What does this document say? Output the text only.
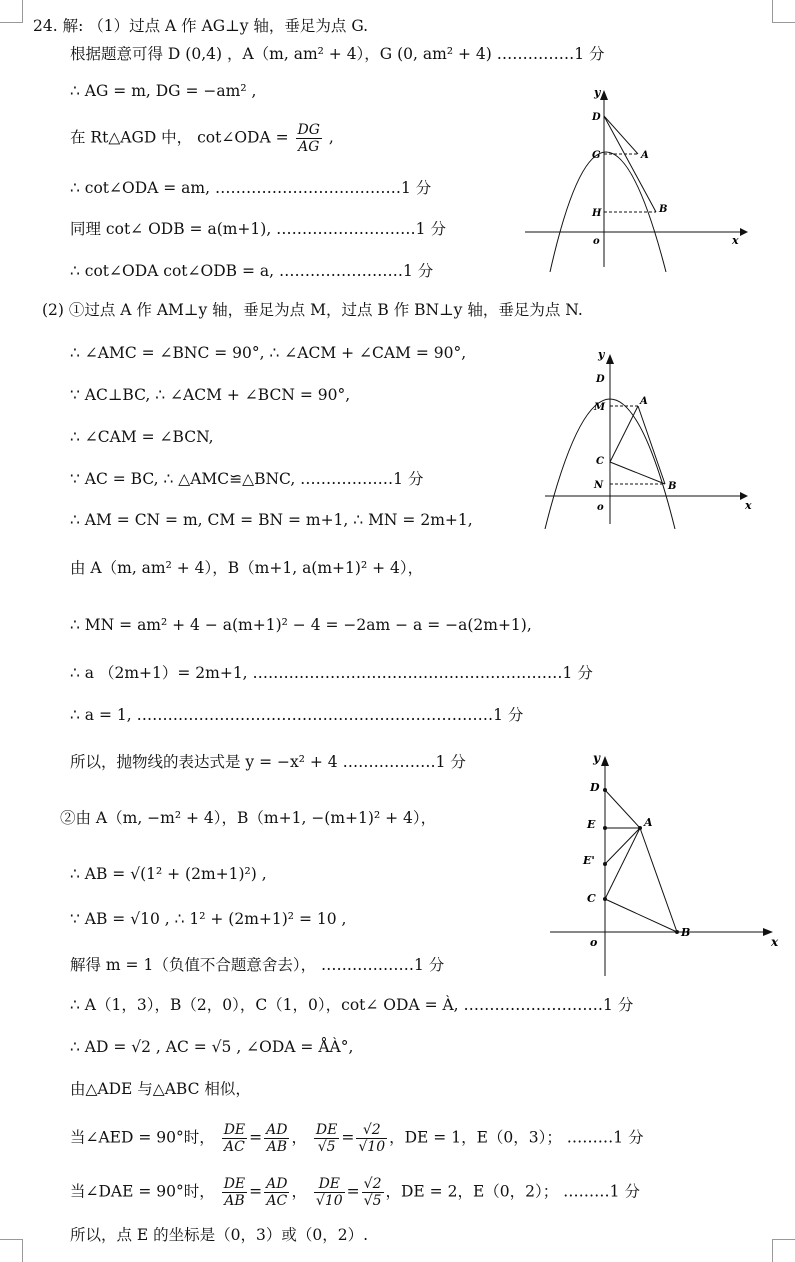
24. 解: （1）过点 A 作 AG⊥y 轴，垂足为点 G.
根据题意可得 D (0,4) ，A（m, am² + 4），G (0, am² + 4) ……………1 分
∴ AG = m, DG = −am² ,
在 Rt△AGD 中， cot∠ODA = $\frac{DG}{AG}$ ,
∴ cot∠ODA = am, ………………………………1 分
同理 cot∠ ODB = a(m+1), ………………………1 分
∴ cot∠ODA cot∠ODB = a, ……………………1 分
(2) ①过点 A 作 AM⊥y 轴，垂足为点 M，过点 B 作 BN⊥y 轴，垂足为点 N.
∴ ∠AMC = ∠BNC = 90°, ∴ ∠ACM + ∠CAM = 90°,
∵ AC⊥BC, ∴ ∠ACM + ∠BCN = 90°,
∴ ∠CAM = ∠BCN,
∵ AC = BC, ∴ △AMC≌△BNC, ………………1 分
∴ AM = CN = m, CM = BN = m+1, ∴ MN = 2m+1,
由 A（m, am² + 4），B（m+1, a(m+1)² + 4），
∴ MN = am² + 4 − a(m+1)² − 4 = −2am − a = −a(2m+1),
∴ a （2m+1）= 2m+1, ……………………………………………………1 分
∴ a = 1, ……………………………………………………………1 分
所以，抛物线的表达式是 y = −x² + 4 ………………1 分
②由 A（m, −m² + 4），B（m+1, −(m+1)² + 4），
∴ AB = √(1² + (2m+1)²) ,
∵ AB = √10 , ∴ 1² + (2m+1)² = 10 ,
解得 m = 1（负值不合题意舍去）， ………………1 分
∴ A（1，3），B（2，0），C（1，0），cot∠ ODA = À, ………………………1 分
∴ AD = √2 , AC = √5 , ∠ODA = ÅÀ°,
由△ADE 与△ABC 相似，
当∠AED = 90°时， $\frac{DE}{AC} = \frac{AD}{AB}$ ， $\frac{DE}{√5} = \frac{√2}{√10}$ ，DE = 1，E（0，3）； ………1 分
当∠DAE = 90°时， $\frac{DE}{AB} = \frac{AD}{AC}$ ， $\frac{DE}{√10} = \frac{√2}{√5}$ ，DE = 2，E（0，2）； ………1 分
所以，点 E 的坐标是（0，3）或（0，2）.
y
x
o
D
G	A
H	B
y
x
o
D
M
A
C
N	B
y
x
o
D
E	A
E'
C
B
